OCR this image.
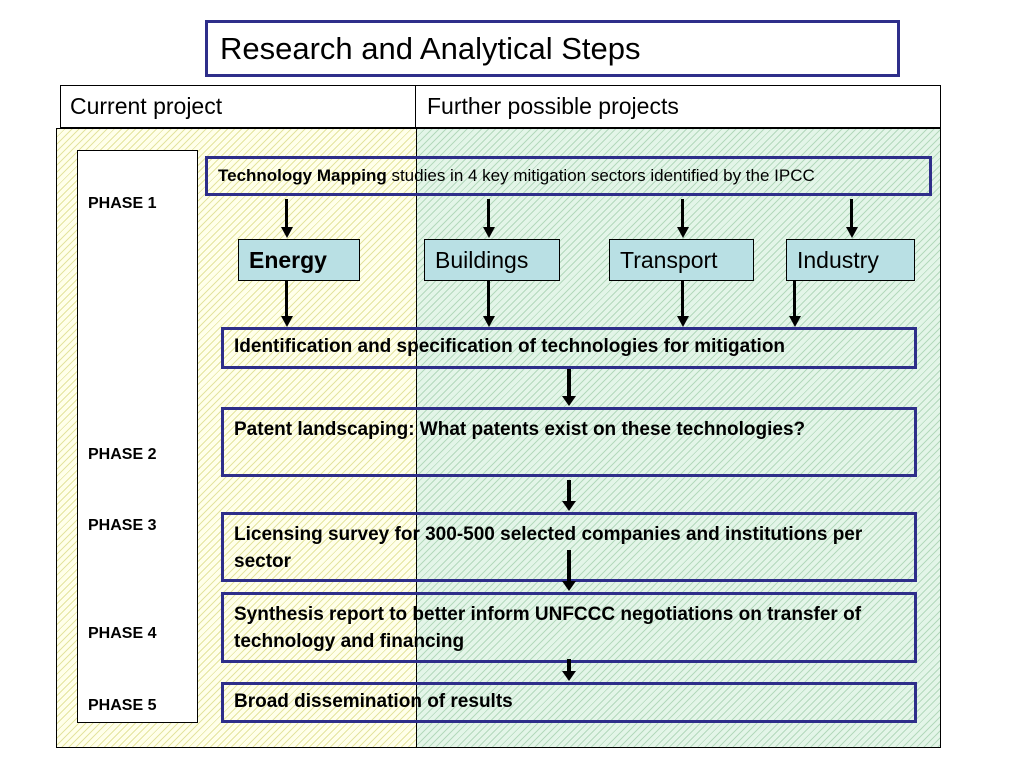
Research and Analytical Steps
Current project	Further possible projects
PHASE 1
PHASE 2
PHASE 3
PHASE 4
PHASE 5
Technology Mapping studies in 4 key mitigation sectors identified by the IPCC
Energy	Buildings	Transport	Industry
Identification and specification of technologies for mitigation
Patent landscaping: What patents exist on these technologies?
Licensing survey for 300-500 selected companies and institutions per sector
Synthesis report to better inform UNFCCC negotiations on transfer of technology and financing
Broad dissemination of results
